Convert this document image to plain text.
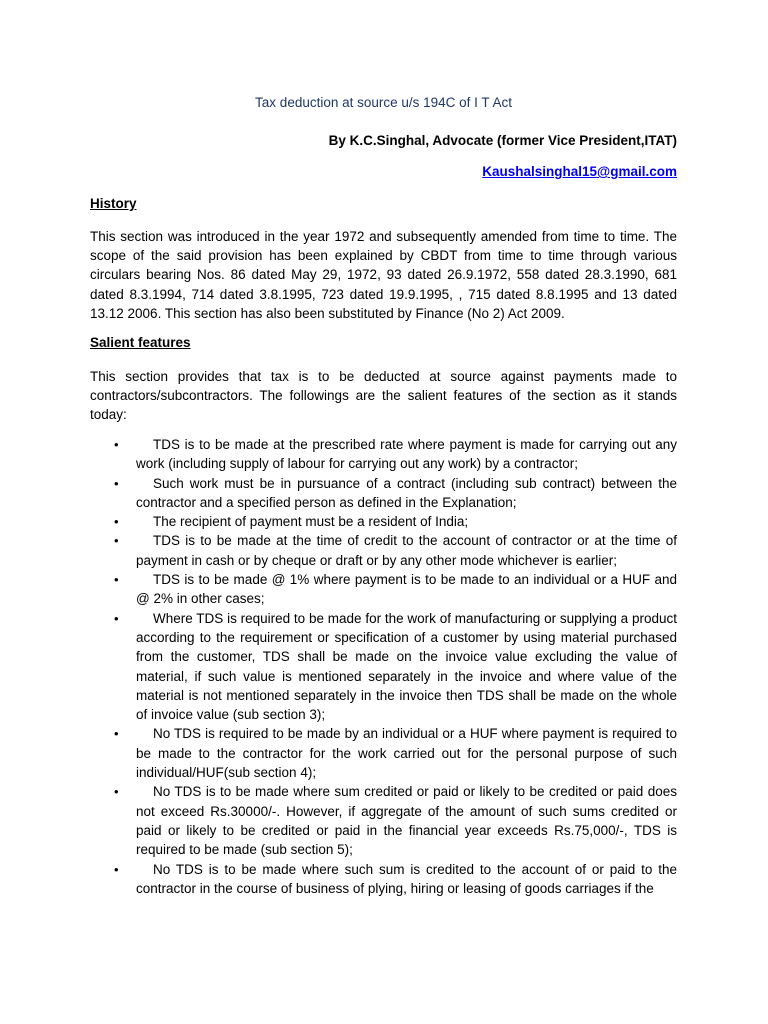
Tax deduction at source u/s 194C of I T Act
By K.C.Singhal, Advocate (former Vice President,ITAT)
Kaushalsinghal15@gmail.com
History
This section was introduced in the year 1972 and subsequently amended from time to time. The scope of the said provision has been explained by CBDT from time to time through various circulars bearing Nos. 86 dated May 29, 1972, 93 dated 26.9.1972, 558 dated 28.3.1990, 681 dated 8.3.1994, 714 dated 3.8.1995, 723 dated 19.9.1995, , 715 dated 8.8.1995 and 13 dated 13.12 2006. This section has also been substituted by Finance (No 2) Act 2009.
Salient features
This section provides that tax is to be deducted at source against payments made to contractors/subcontractors. The followings are the salient features of the section as it stands today:
•	TDS is to be made at the prescribed rate where payment is made for carrying out any work (including supply of labour for carrying out any work) by a contractor;
•	Such work must be in pursuance of a contract (including sub contract) between the contractor and a specified person as defined in the Explanation;
•	The recipient of payment must be a resident of India;
•	TDS is to be made at the time of credit to the account of contractor or at the time of payment in cash or by cheque or draft or by any other mode whichever is earlier;
•	TDS is to be made @ 1% where payment is to be made to an individual or a HUF and @ 2% in other cases;
•	Where TDS is required to be made for the work of manufacturing or supplying a product according to the requirement or specification of a customer by using material purchased from the customer, TDS shall be made on the invoice value excluding the value of material, if such value is mentioned separately in the invoice and where value of the material is not mentioned separately in the invoice then TDS shall be made on the whole of invoice value (sub section 3);
•	No TDS is required to be made by an individual or a HUF where payment is required to be made to the contractor for the work carried out for the personal purpose of such individual/HUF(sub section 4);
•	No TDS is to be made where sum credited or paid or likely to be credited or paid does not exceed Rs.30000/-. However, if aggregate of the amount of such sums credited or paid or likely to be credited or paid in the financial year exceeds Rs.75,000/-, TDS is required to be made (sub section 5);
•	No TDS is to be made where such sum is credited to the account of or paid to the contractor in the course of business of plying, hiring or leasing of goods carriages if the
